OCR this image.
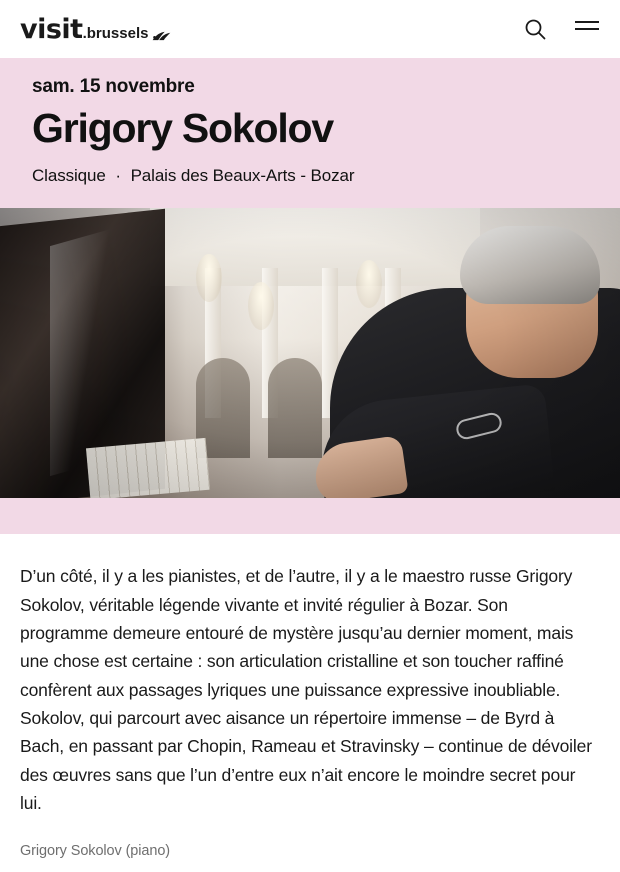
visit .brussels
sam. 15 novembre
Grigory Sokolov
Classique · Palais des Beaux-Arts - Bozar

D’un côté, il y a les pianistes, et de l’autre, il y a le maestro russe Grigory Sokolov, véritable légende vivante et invité régulier à Bozar. Son programme demeure entouré de mystère jusqu’au dernier moment, mais une chose est certaine : son articulation cristalline et son toucher raffiné confèrent aux passages lyriques une puissance expressive inoubliable. Sokolov, qui parcourt avec aisance un répertoire immense – de Byrd à Bach, en passant par Chopin, Rameau et Stravinsky – continue de dévoiler des œuvres sans que l’un d’entre eux n’ait encore le moindre secret pour lui.

Grigory Sokolov (piano)
